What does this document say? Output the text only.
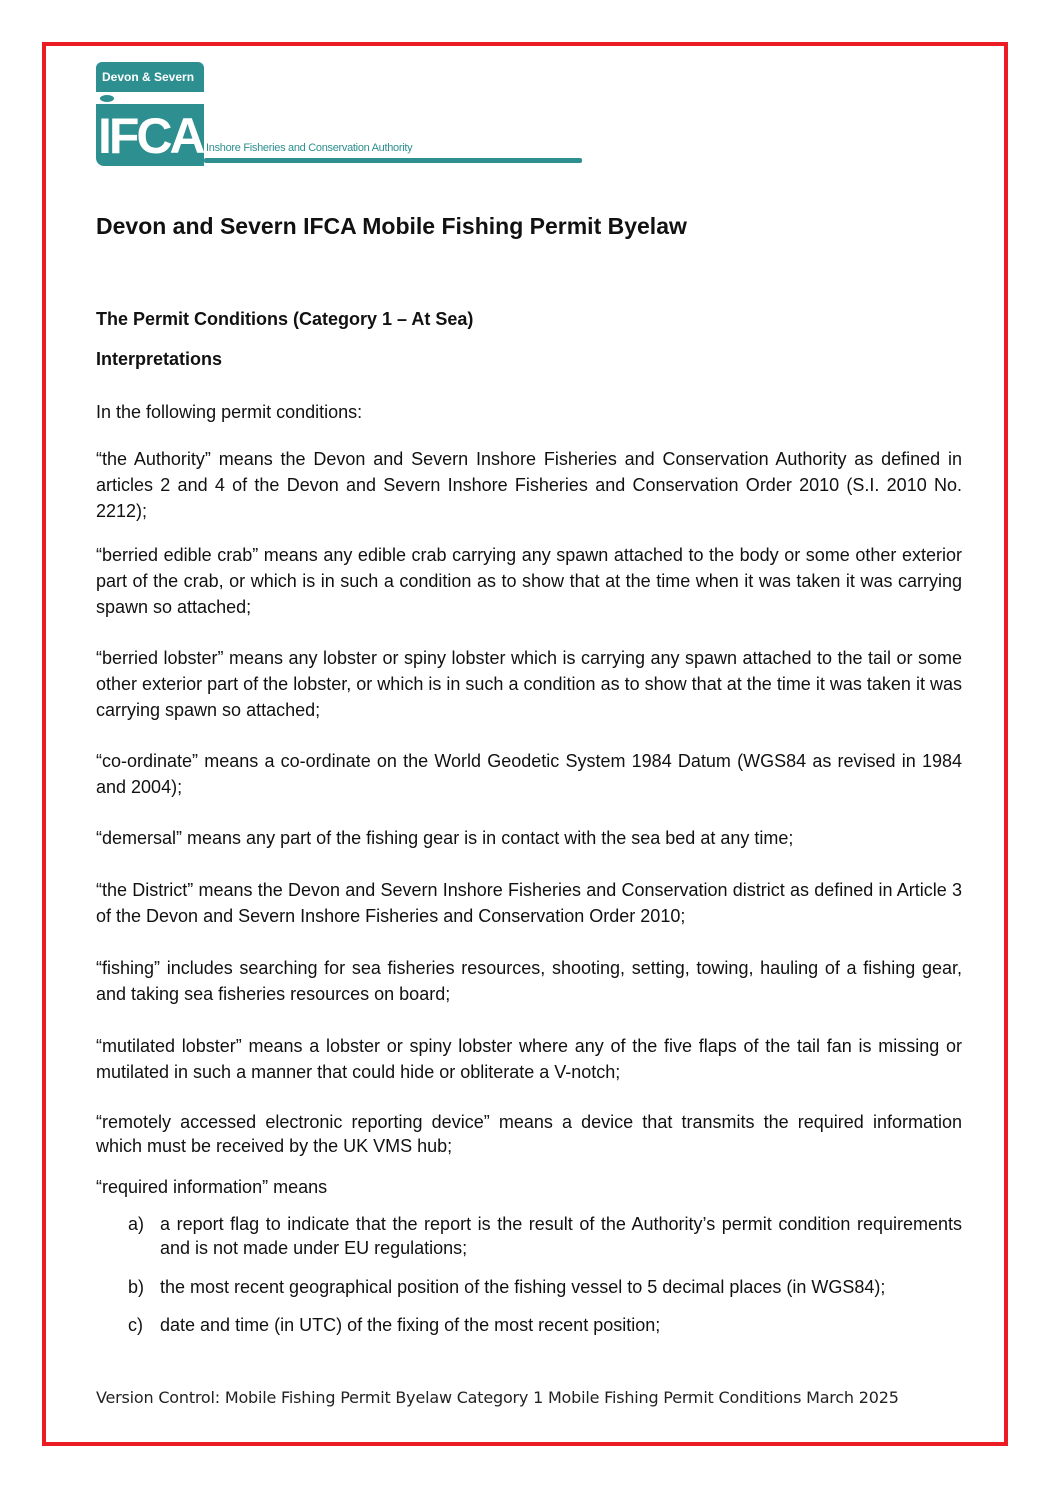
Devon & Severn
IFCA Inshore Fisheries and Conservation Authority
Devon and Severn IFCA Mobile Fishing Permit Byelaw
The Permit Conditions (Category 1 – At Sea)
Interpretations
In the following permit conditions:
“the Authority” means the Devon and Severn Inshore Fisheries and Conservation Authority as defined in articles 2 and 4 of the Devon and Severn Inshore Fisheries and Conservation Order 2010 (S.I. 2010 No. 2212);
“berried edible crab” means any edible crab carrying any spawn attached to the body or some other exterior part of the crab, or which is in such a condition as to show that at the time when it was taken it was carrying spawn so attached;
“berried lobster” means any lobster or spiny lobster which is carrying any spawn attached to the tail or some other exterior part of the lobster, or which is in such a condition as to show that at the time it was taken it was carrying spawn so attached;
“co-ordinate” means a co-ordinate on the World Geodetic System 1984 Datum (WGS84 as revised in 1984 and 2004);
“demersal” means any part of the fishing gear is in contact with the sea bed at any time;
“the District” means the Devon and Severn Inshore Fisheries and Conservation district as defined in Article 3 of the Devon and Severn Inshore Fisheries and Conservation Order 2010;
“fishing” includes searching for sea fisheries resources, shooting, setting, towing, hauling of a fishing gear, and taking sea fisheries resources on board;
“mutilated lobster” means a lobster or spiny lobster where any of the five flaps of the tail fan is missing or mutilated in such a manner that could hide or obliterate a V-notch;
“remotely accessed electronic reporting device” means a device that transmits the required information which must be received by the UK VMS hub;
“required information” means
a) a report flag to indicate that the report is the result of the Authority’s permit condition requirements and is not made under EU regulations;
b) the most recent geographical position of the fishing vessel to 5 decimal places (in WGS84);
c) date and time (in UTC) of the fixing of the most recent position;
Version Control: Mobile Fishing Permit Byelaw Category 1 Mobile Fishing Permit Conditions March 2025
